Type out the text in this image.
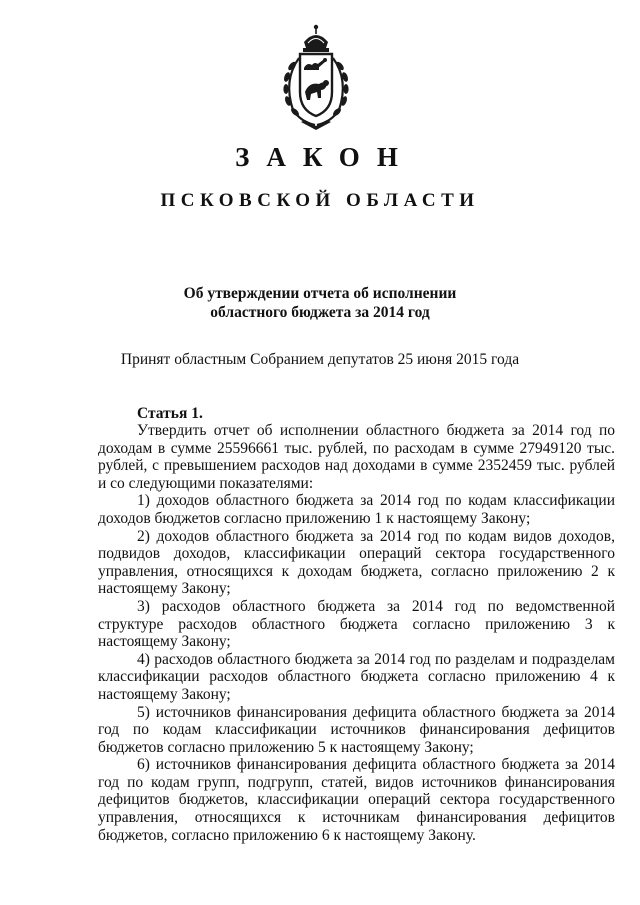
ЗАКОН
ПСКОВСКОЙ ОБЛАСТИ
Об утверждении отчета об исполнении
областного бюджета за 2014 год
Принят областным Собранием депутатов 25 июня 2015 года
Статья 1.

Утвердить отчет об исполнении областного бюджета за 2014 год по доходам в сумме 25596661 тыс. рублей, по расходам в сумме 27949120 тыс. рублей, с превышением расходов над доходами в сумме 2352459 тыс. рублей и со следующими показателями:

1) доходов областного бюджета за 2014 год по кодам классификации доходов бюджетов согласно приложению 1 к настоящему Закону;

2) доходов областного бюджета за 2014 год по кодам видов доходов, подвидов доходов, классификации операций сектора государственного управления, относящихся к доходам бюджета, согласно приложению 2 к настоящему Закону;

3) расходов областного бюджета за 2014 год по ведомственной структуре расходов областного бюджета согласно приложению 3 к настоящему Закону;

4) расходов областного бюджета за 2014 год по разделам и подразделам классификации расходов областного бюджета согласно приложению 4 к настоящему Закону;

5) источников финансирования дефицита областного бюджета за 2014 год по кодам классификации источников финансирования дефицитов бюджетов согласно приложению 5 к настоящему Закону;

6) источников финансирования дефицита областного бюджета за 2014 год по кодам групп, подгрупп, статей, видов источников финансирования дефицитов бюджетов, классификации операций сектора государственного управления, относящихся к источникам финансирования дефицитов бюджетов, согласно приложению 6 к настоящему Закону.
